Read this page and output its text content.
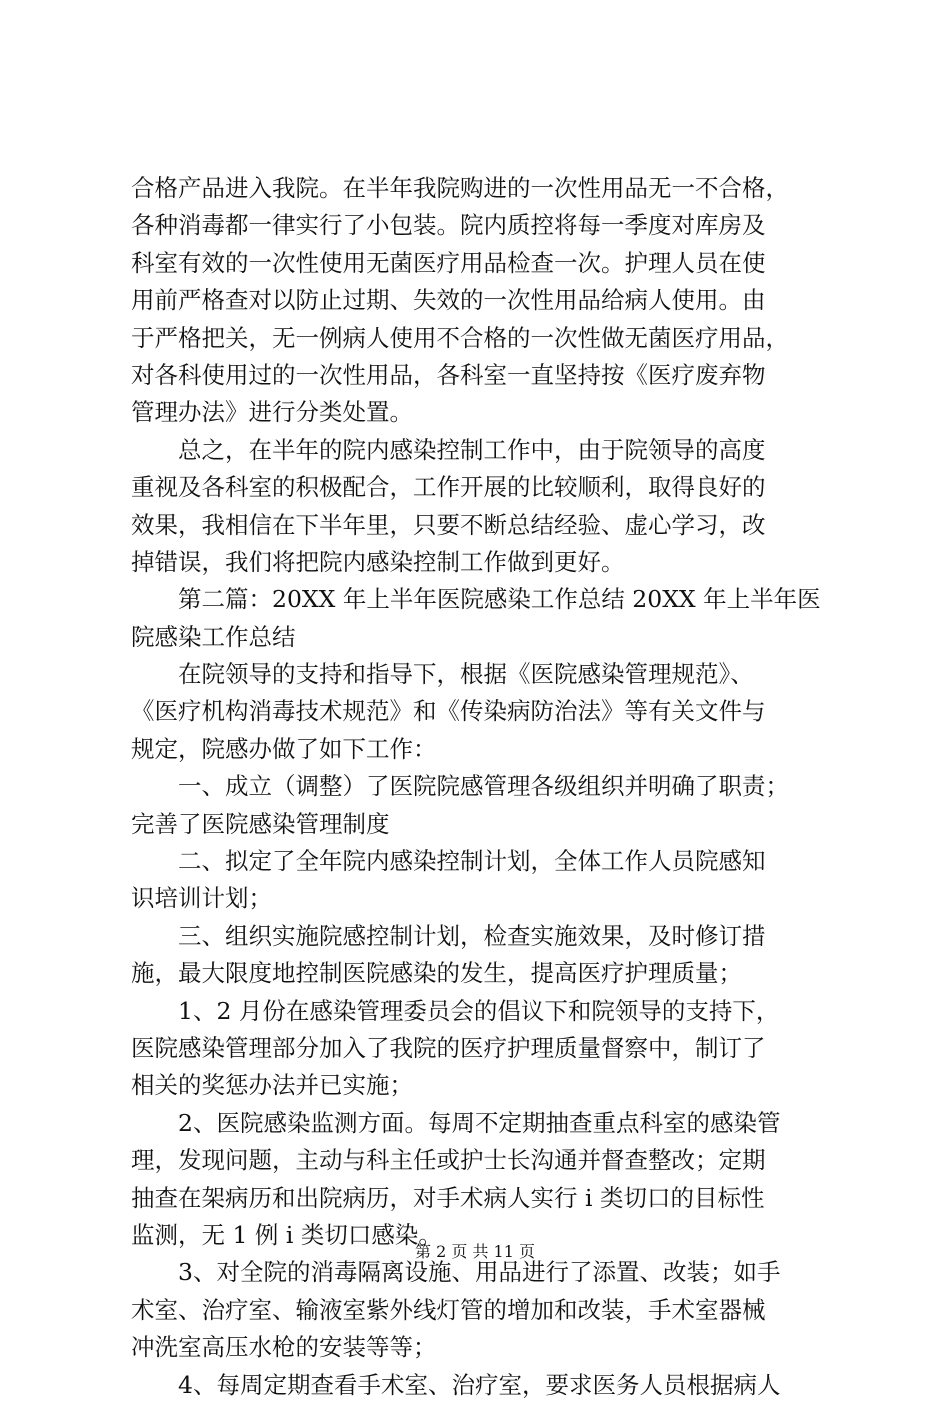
合格产品进入我院。在半年我院购进的一次性用品无一不合格，
各种消毒都一律实行了小包装。院内质控将每一季度对库房及
科室有效的一次性使用无菌医疗用品检查一次。护理人员在使
用前严格查对以防止过期、失效的一次性用品给病人使用。由
于严格把关，无一例病人使用不合格的一次性做无菌医疗用品，
对各科使用过的一次性用品，各科室一直坚持按《医疗废弃物
管理办法》进行分类处置。
　　总之，在半年的院内感染控制工作中，由于院领导的高度
重视及各科室的积极配合，工作开展的比较顺利，取得良好的
效果，我相信在下半年里，只要不断总结经验、虚心学习，改
掉错误，我们将把院内感染控制工作做到更好。
　　第二篇：20XX 年上半年医院感染工作总结 20XX 年上半年医
院感染工作总结
　　在院领导的支持和指导下，根据《医院感染管理规范》、
《医疗机构消毒技术规范》和《传染病防治法》等有关文件与
规定，院感办做了如下工作：
　　一、成立（调整）了医院院感管理各级组织并明确了职责；
完善了医院感染管理制度
　　二、拟定了全年院内感染控制计划，全体工作人员院感知
识培训计划；
　　三、组织实施院感控制计划，检查实施效果，及时修订措
施，最大限度地控制医院感染的发生，提高医疗护理质量；
　　1、2 月份在感染管理委员会的倡议下和院领导的支持下，
医院感染管理部分加入了我院的医疗护理质量督察中，制订了
相关的奖惩办法并已实施；
　　2、医院感染监测方面。每周不定期抽查重点科室的感染管
理，发现问题，主动与科主任或护士长沟通并督查整改；定期
抽查在架病历和出院病历，对手术病人实行 i 类切口的目标性
监测，无 1 例 i 类切口感染。
　　3、对全院的消毒隔离设施、用品进行了添置、改装；如手
术室、治疗室、输液室紫外线灯管的增加和改装，手术室器械
冲洗室高压水枪的安装等等；
　　4、每周定期查看手术室、治疗室，要求医务人员根据病人
第 2 页 共 11 页
